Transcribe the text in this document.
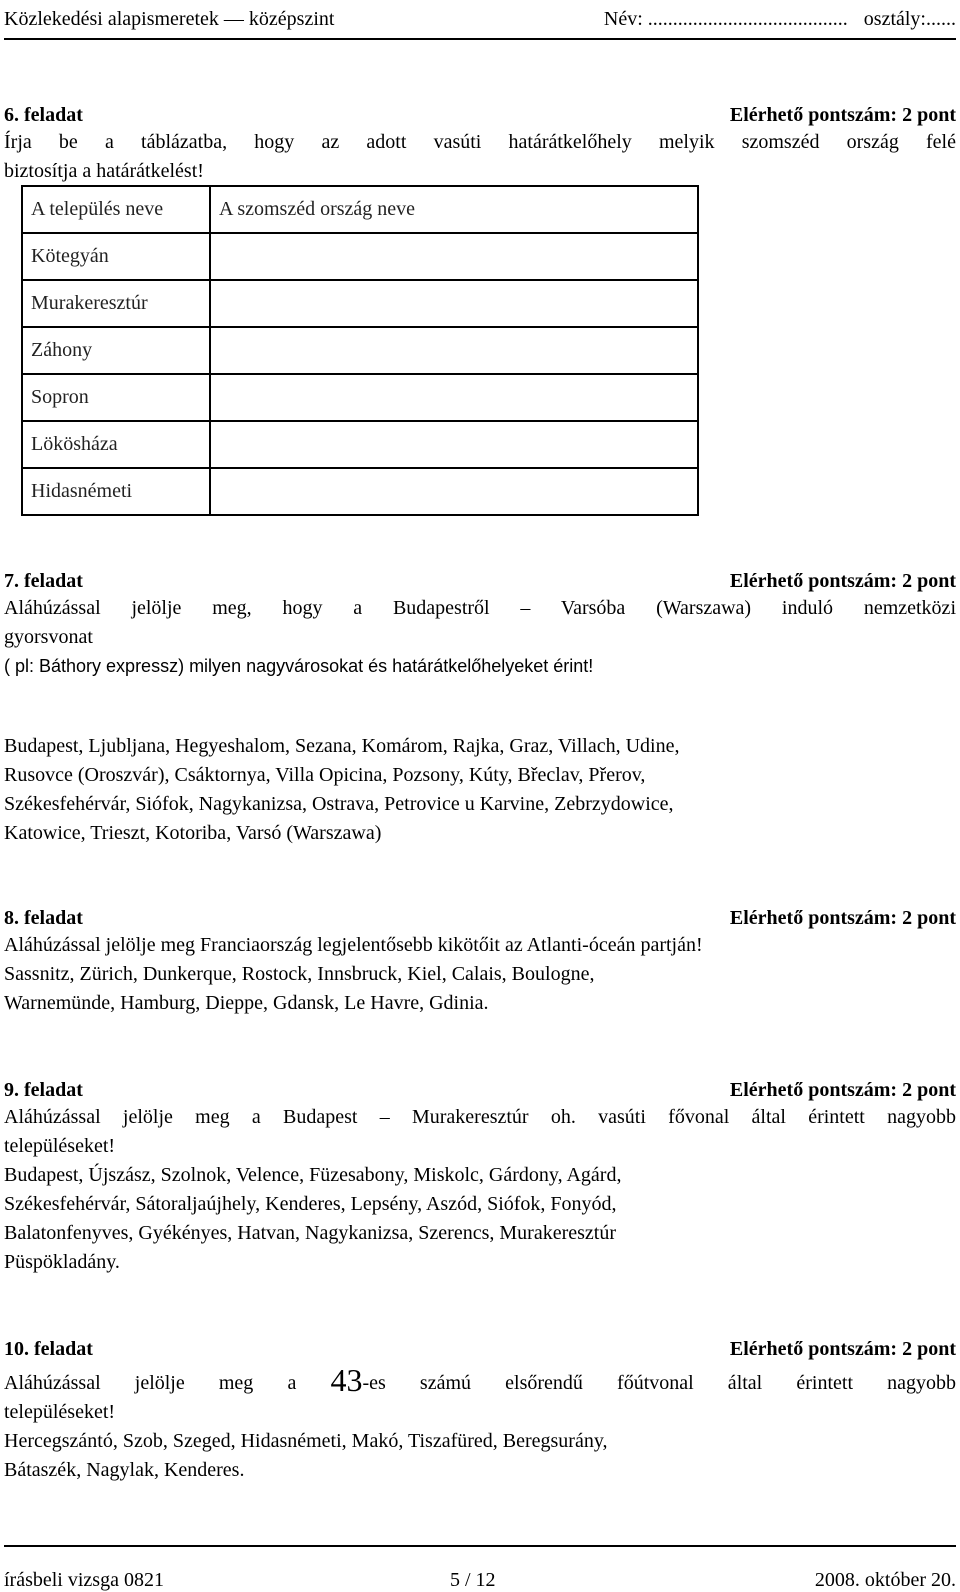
Közlekedési alapismeretek — középszint	Név: ........................................ osztály:......
6. feladat	Elérhető pontszám: 2 pont
Írja be a táblázatba, hogy az adott vasúti határátkelőhely melyik szomszéd ország felé
biztosítja a határátkelést!
A település neve	A szomszéd ország neve
Kötegyán	
Murakeresztúr	
Záhony	
Sopron	
Lökösháza	
Hidasnémeti	
7. feladat	Elérhető pontszám: 2 pont
Aláhúzással jelölje meg, hogy a Budapestről – Varsóba (Warszawa) induló nemzetközi
gyorsvonat
( pl: Báthory expressz) milyen nagyvárosokat és határátkelőhelyeket érint!
Budapest, Ljubljana, Hegyeshalom, Sezana, Komárom, Rajka, Graz, Villach, Udine,
Rusovce (Oroszvár), Csáktornya, Villa Opicina, Pozsony, Kúty, Břeclav, Přerov,
Székesfehérvár, Siófok, Nagykanizsa, Ostrava, Petrovice u Karvine, Zebrzydowice,
Katowice, Trieszt, Kotoriba, Varsó (Warszawa)
8. feladat	Elérhető pontszám: 2 pont
Aláhúzással jelölje meg Franciaország legjelentősebb kikötőit az Atlanti-óceán partján!
Sassnitz, Zürich, Dunkerque, Rostock, Innsbruck, Kiel, Calais, Boulogne,
Warnemünde, Hamburg, Dieppe, Gdansk, Le Havre, Gdinia.
9. feladat	Elérhető pontszám: 2 pont
Aláhúzással jelölje meg a Budapest – Murakeresztúr oh. vasúti fővonal által érintett nagyobb
településeket!
Budapest, Újszász, Szolnok, Velence, Füzesabony, Miskolc, Gárdony, Agárd,
Székesfehérvár, Sátoraljaújhely, Kenderes, Lepsény, Aszód, Siófok, Fonyód,
Balatonfenyves, Gyékényes, Hatvan, Nagykanizsa, Szerencs, Murakeresztúr
Püspökladány.
10. feladat	Elérhető pontszám: 2 pont
Aláhúzással jelölje meg a 43-es számú elsőrendű főútvonal által érintett nagyobb
településeket!
Hercegszántó, Szob, Szeged, Hidasnémeti, Makó, Tiszafüred, Beregsurány,
Bátaszék, Nagylak, Kenderes.
írásbeli vizsga 0821	5 / 12	2008. október 20.
